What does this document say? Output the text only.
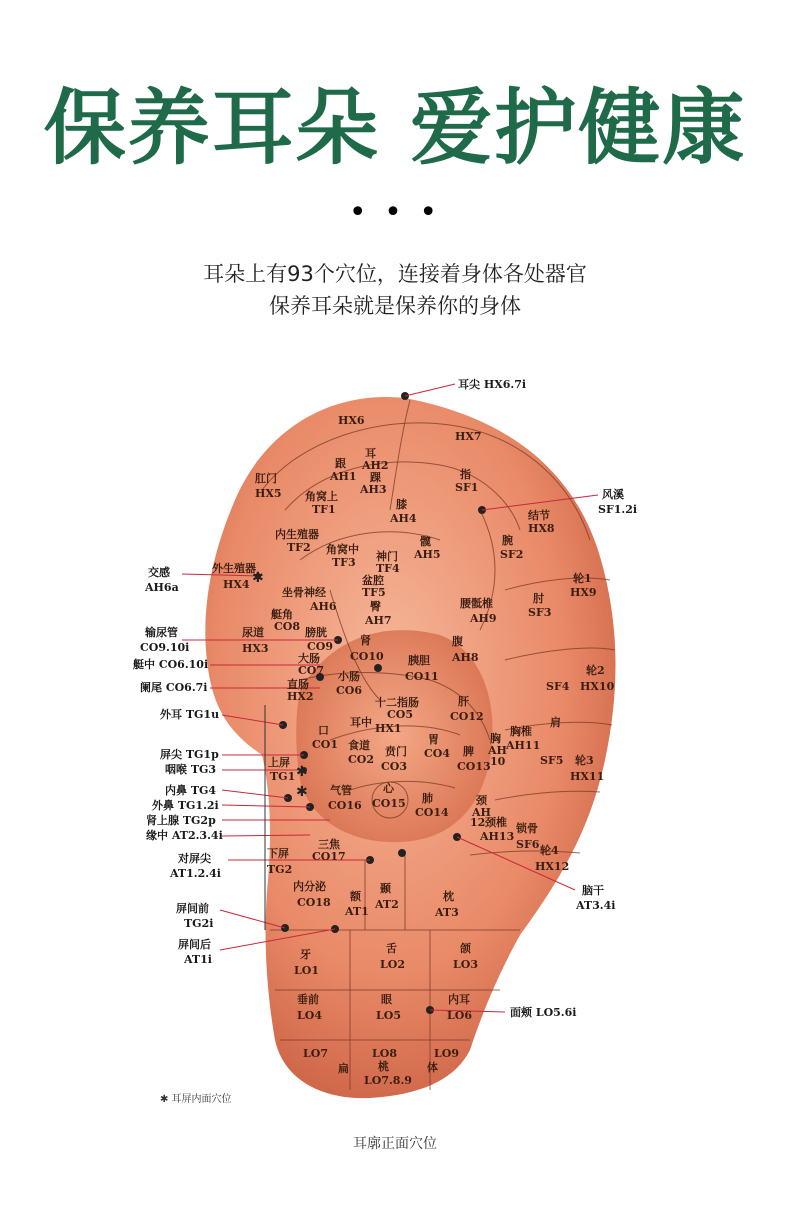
保养耳朵 爱护健康
• • •
耳朵上有93个穴位，连接着身体各处器官
保养耳朵就是保养你的身体
耳尖 HX6.7i
风溪
SF1.2i
脑干
AT3.4i
面颊 LO5.6i
交感
AH6a
输尿管
CO9.10i
艇中 CO6.10i
阑尾 CO6.7i
外耳 TG1u
屏尖 TG1p
咽喉 TG3
内鼻 TG4
外鼻 TG1.2i
肾上腺 TG2p
缘中 AT2.3.4i
对屏尖
AT1.2.4i
屏间前
TG2i
屏间后
AT1i
HX6
HX7
耳
AH2
跟
AH1 踝
AH3
指
SF1
肛门
HX5 角窝上
TF1	膝
AH4	结节
HX8
内生殖器
TF2 角窝中
TF3
髋
AH5
腕
SF2
神门
TF4
外生殖器
HX4	盆腔
TF5
轮1
HX9
坐骨神经
AH6	臀
AH7
腰骶椎
AH9
肘
SF3
艇角
CO8
尿道
HX3
膀胱
CO9 肾
CO10
腹
AH8
大肠
CO7
直肠
HX2
小肠
CO6
胰胆
CO11	轮2
HX10
SF4
十二指肠
CO5
肝
CO12
耳中 HX1
口
CO1 食道
CO2
贲门
CO3
胃
CO4
胸椎
AH11
胸
AH
10
肩
脾
CO13	SF5 轮3
HX11
上屏
TG1
气管
CO16
心
CO15 肺
CO14
颈
AH
12 颈椎
AH13
锁骨
SF6 轮4
HX12
三焦
CO17
下屏
TG2
内分泌
CO18 额
AT1
颞
AT2
枕
AT3
牙
LO1
舌
LO2
颌
LO3
垂前
LO4
眼
LO5
内耳
LO6
LO7	LO8
桃
扁
LO7.8.9
LO9
体
✱
✱
✱
✱ 耳屏内面穴位
耳廓正面穴位
